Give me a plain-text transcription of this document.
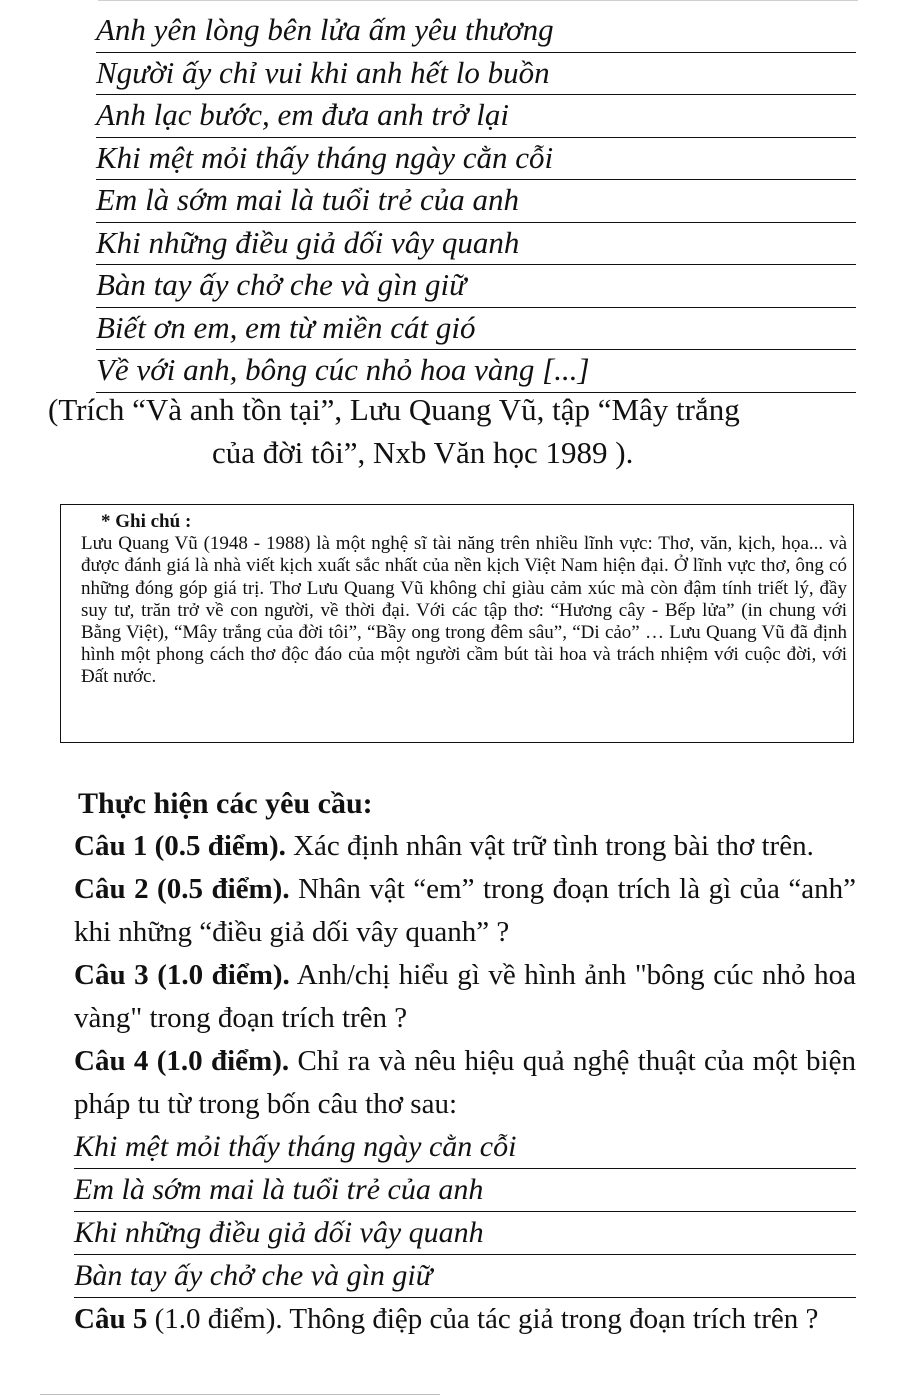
Anh yên lòng bên lửa ấm yêu thương
Người ấy chỉ vui khi anh hết lo buồn
Anh lạc bước, em đưa anh trở lại
Khi mệt mỏi thấy tháng ngày cằn cỗi
Em là sớm mai là tuổi trẻ của anh
Khi những điều giả dối vây quanh
Bàn tay ấy chở che và gìn giữ
Biết ơn em, em từ miền cát gió
Về với anh, bông cúc nhỏ hoa vàng [...]
(Trích “Và anh tồn tại”, Lưu Quang Vũ, tập “Mây trắng
của đời tôi”, Nxb Văn học 1989 ).
* Ghi chú :

Lưu Quang Vũ (1948 - 1988) là một nghệ sĩ tài năng trên nhiều lĩnh vực: Thơ, văn, kịch, họa... và được đánh giá là nhà viết kịch xuất sắc nhất của nền kịch Việt Nam hiện đại. Ở lĩnh vực thơ, ông có những đóng góp giá trị. Thơ Lưu Quang Vũ không chỉ giàu cảm xúc mà còn đậm tính triết lý, đầy suy tư, trăn trở về con người, về thời đại. Với các tập thơ: “Hương cây - Bếp lửa” (in chung với Bằng Việt), “Mây trắng của đời tôi”, “Bầy ong trong đêm sâu”, “Di cảo” … Lưu Quang Vũ đã định hình một phong cách thơ độc đáo của một người cầm bút tài hoa và trách nhiệm với cuộc đời, với Đất nước.

Thực hiện các yêu cầu:
Câu 1 (0.5 điểm). Xác định nhân vật trữ tình trong bài thơ trên.
Câu 2 (0.5 điểm). Nhân vật “em” trong đoạn trích là gì của “anh” khi những “điều giả dối vây quanh” ?
Câu 3 (1.0 điểm). Anh/chị hiểu gì về hình ảnh "bông cúc nhỏ hoa vàng" trong đoạn trích trên ?
Câu 4 (1.0 điểm). Chỉ ra và nêu hiệu quả nghệ thuật của một biện pháp tu từ trong bốn câu thơ sau:
Khi mệt mỏi thấy tháng ngày cằn cỗi
Em là sớm mai là tuổi trẻ của anh
Khi những điều giả dối vây quanh
Bàn tay ấy chở che và gìn giữ
Câu 5 (1.0 điểm). Thông điệp của tác giả trong đoạn trích trên ?
